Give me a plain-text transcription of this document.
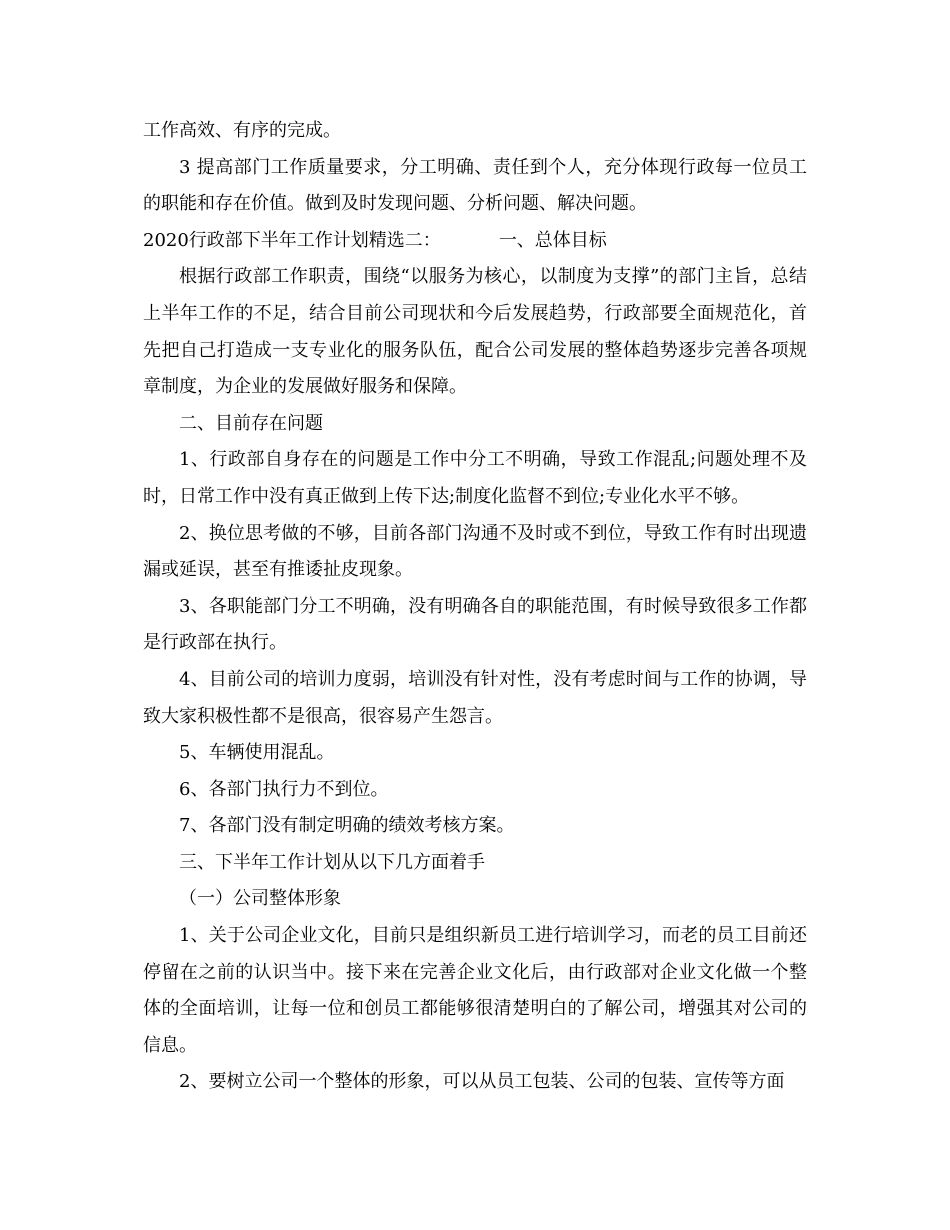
工作高效、有序的完成。

3 提高部门工作质量要求，分工明确、责任到个人，充分体现行政每一位员工的职能和存在价值。做到及时发现问题、分析问题、解决问题。

2020行政部下半年工作计划精选二：	一、总体目标

根据行政部工作职责，围绕“以服务为核心，以制度为支撑”的部门主旨，总结上半年工作的不足，结合目前公司现状和今后发展趋势，行政部要全面规范化，首先把自己打造成一支专业化的服务队伍，配合公司发展的整体趋势逐步完善各项规章制度，为企业的发展做好服务和保障。

二、目前存在问题

1、行政部自身存在的问题是工作中分工不明确，导致工作混乱;问题处理不及时，日常工作中没有真正做到上传下达;制度化监督不到位;专业化水平不够。

2、换位思考做的不够，目前各部门沟通不及时或不到位，导致工作有时出现遗漏或延误，甚至有推诿扯皮现象。

3、各职能部门分工不明确，没有明确各自的职能范围，有时候导致很多工作都是行政部在执行。

4、目前公司的培训力度弱，培训没有针对性，没有考虑时间与工作的协调，导致大家积极性都不是很高，很容易产生怨言。

5、车辆使用混乱。

6、各部门执行力不到位。

7、各部门没有制定明确的绩效考核方案。

三、下半年工作计划从以下几方面着手

（一）公司整体形象

1、关于公司企业文化，目前只是组织新员工进行培训学习，而老的员工目前还停留在之前的认识当中。接下来在完善企业文化后，由行政部对企业文化做一个整体的全面培训，让每一位和创员工都能够很清楚明白的了解公司，增强其对公司的信息。

2、要树立公司一个整体的形象，可以从员工包装、公司的包装、宣传等方面
